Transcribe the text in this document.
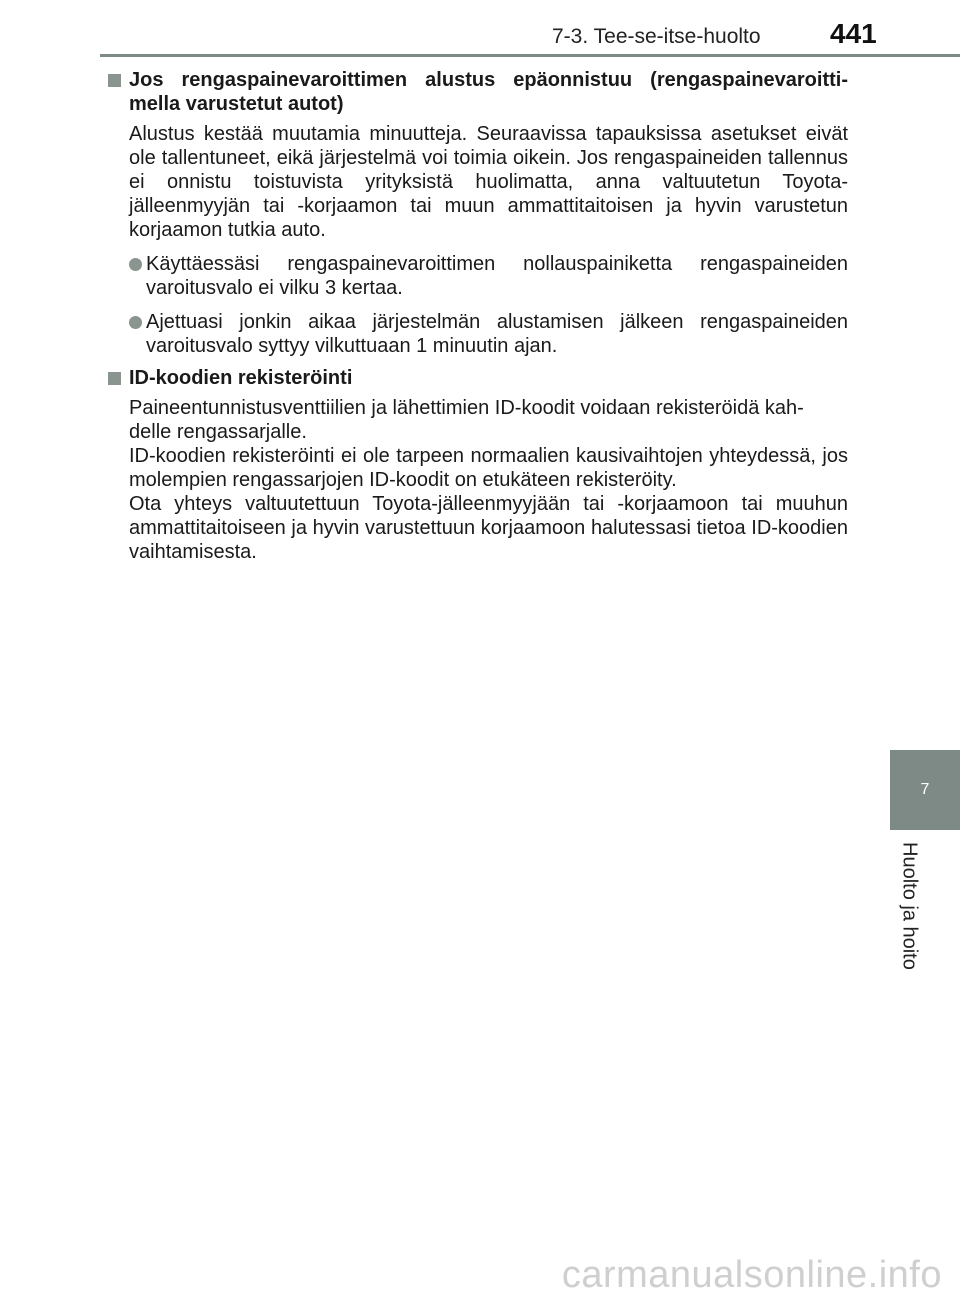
7-3. Tee-se-itse-huolto 441
Jos rengaspainevaroittimen alustus epäonnistuu (rengaspainevaroitti-mella varustetut autot)
Alustus kestää muutamia minuutteja. Seuraavissa tapauksissa asetukset eivät ole tallentuneet, eikä järjestelmä voi toimia oikein. Jos rengaspaineiden tallennus ei onnistu toistuvista yrityksistä huolimatta, anna valtuutetun Toyota-jälleenmyyjän tai -korjaamon tai muun ammattitaitoisen ja hyvin varustetun korjaamon tutkia auto.
Käyttäessäsi rengaspainevaroittimen nollauspainiketta rengaspaineiden varoitusvalo ei vilku 3 kertaa.
Ajettuasi jonkin aikaa järjestelmän alustamisen jälkeen rengaspaineiden varoitusvalo syttyy vilkuttuaan 1 minuutin ajan.
ID-koodien rekisteröinti
Paineentunnistusventtiilien ja lähettimien ID-koodit voidaan rekisteröidä kah-
delle rengassarjalle.
ID-koodien rekisteröinti ei ole tarpeen normaalien kausivaihtojen yhteydessä, jos molempien rengassarjojen ID-koodit on etukäteen rekisteröity.
Ota yhteys valtuutettuun Toyota-jälleenmyyjään tai -korjaamoon tai muuhun ammattitaitoiseen ja hyvin varustettuun korjaamoon halutessasi tietoa ID-koodien vaihtamisesta.
7
Huolto ja hoito
carmanualsonline.info
